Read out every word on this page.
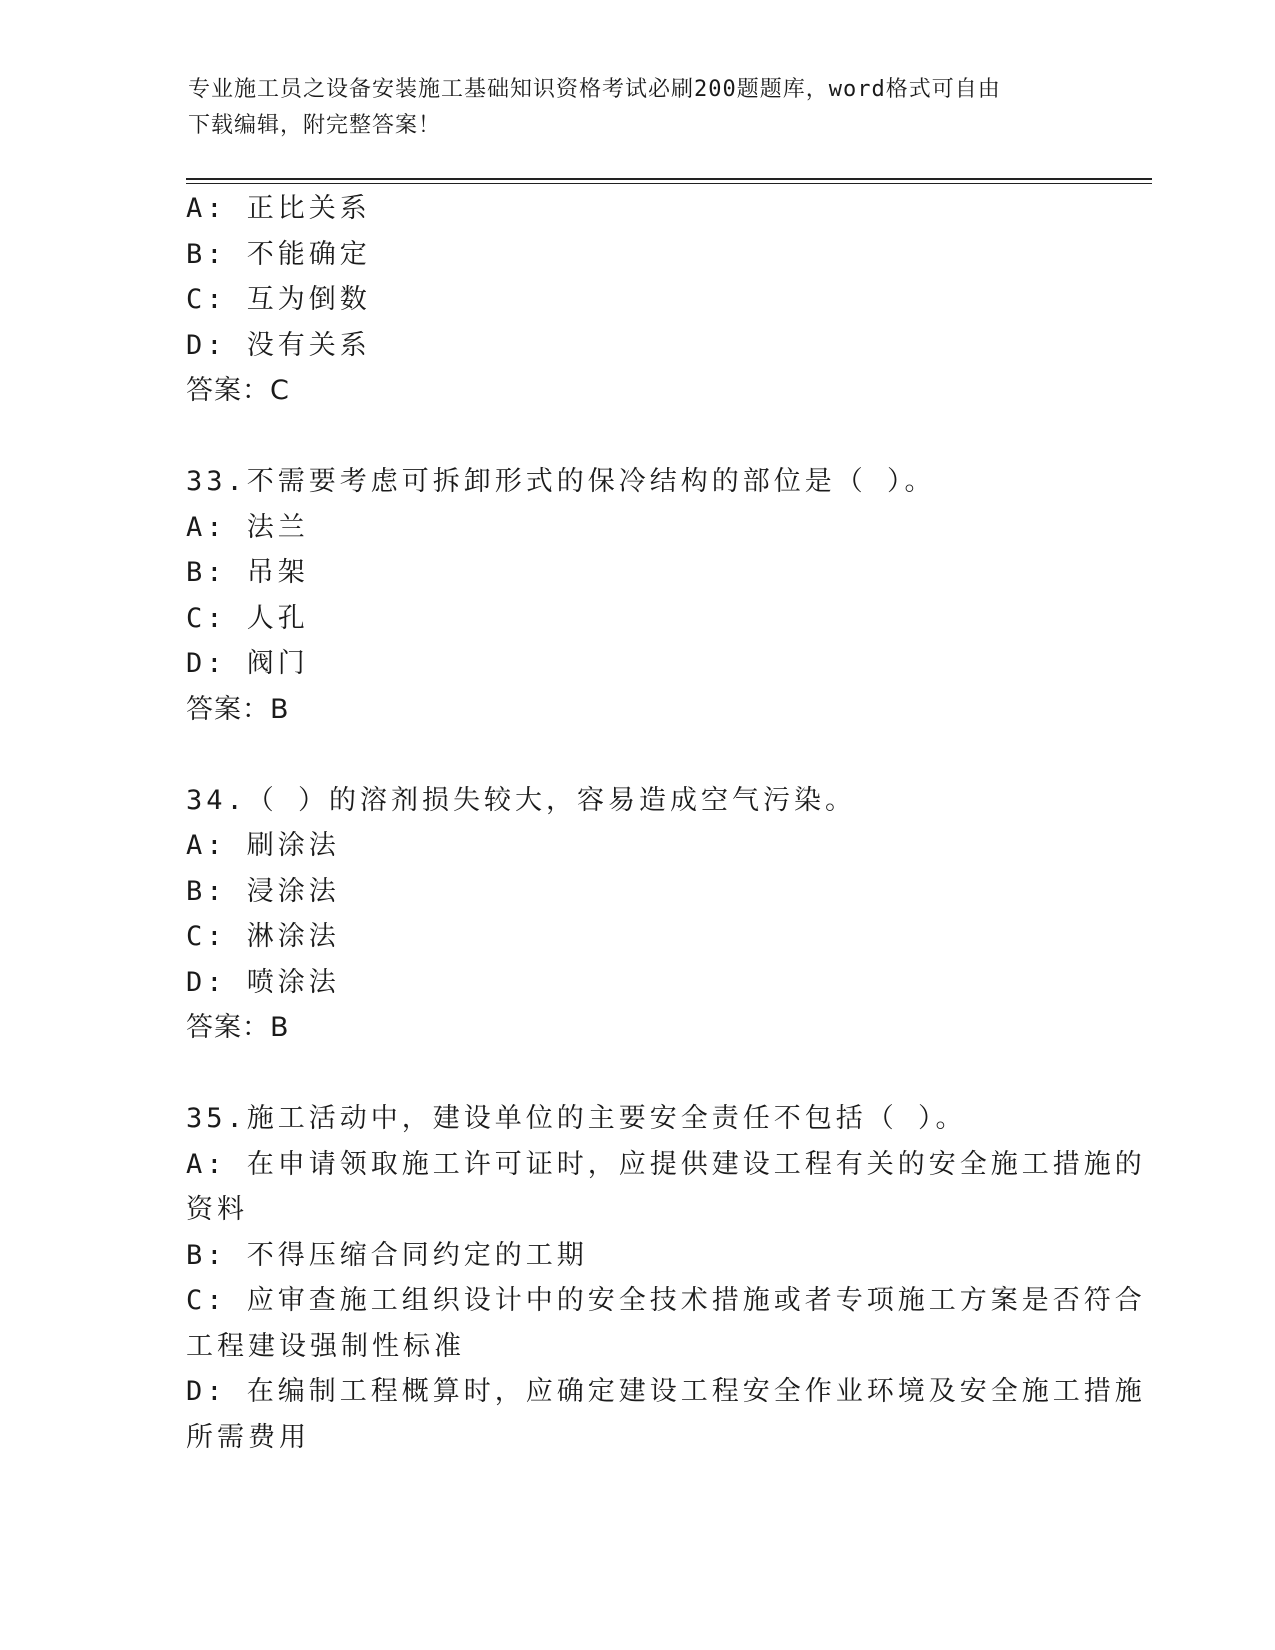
专业施工员之设备安装施工基础知识资格考试必刷200题题库，word格式可自由
下载编辑，附完整答案！
A: 正比关系
B: 不能确定
C: 互为倒数
D: 没有关系
答案：C
33.不需要考虑可拆卸形式的保冷结构的部位是（ ）。
A: 法兰
B: 吊架
C: 人孔
D: 阀门
答案：B
34.（ ）的溶剂损失较大，容易造成空气污染。
A: 刷涂法
B: 浸涂法
C: 淋涂法
D: 喷涂法
答案：B
35.施工活动中，建设单位的主要安全责任不包括（ ）。
A: 在申请领取施工许可证时，应提供建设工程有关的安全施工措施的
资料
B: 不得压缩合同约定的工期
C: 应审查施工组织设计中的安全技术措施或者专项施工方案是否符合
工程建设强制性标准
D: 在编制工程概算时，应确定建设工程安全作业环境及安全施工措施
所需费用
